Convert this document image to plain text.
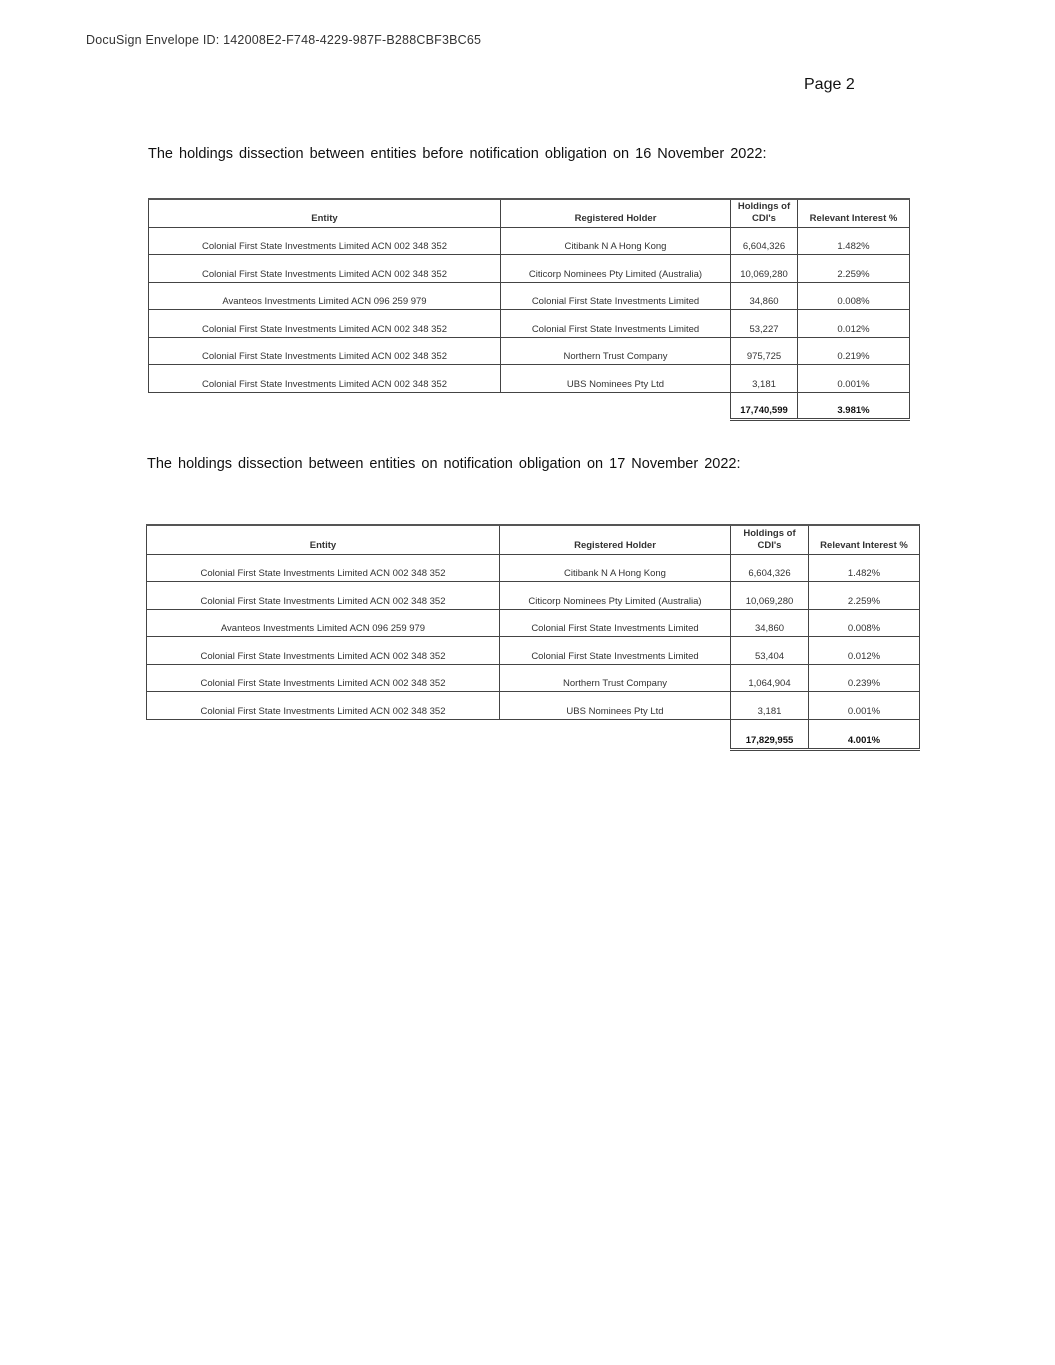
DocuSign Envelope ID: 142008E2-F748-4229-987F-B288CBF3BC65
Page 2
The holdings dissection between entities before notification obligation on 16 November 2022:
Entity	Registered Holder	Holdings of CDI's	Relevant Interest %
Colonial First State Investments Limited ACN 002 348 352	Citibank N A Hong Kong	6,604,326	1.482%
Colonial First State Investments Limited ACN 002 348 352	Citicorp Nominees Pty Limited (Australia)	10,069,280	2.259%
Avanteos Investments Limited ACN 096 259 979	Colonial First State Investments Limited	34,860	0.008%
Colonial First State Investments Limited ACN 002 348 352	Colonial First State Investments Limited	53,227	0.012%
Colonial First State Investments Limited ACN 002 348 352	Northern Trust Company	975,725	0.219%
Colonial First State Investments Limited ACN 002 348 352	UBS Nominees Pty Ltd	3,181	0.001%
		17,740,599	3.981%
The holdings dissection between entities on notification obligation on 17 November 2022:
Entity	Registered Holder	Holdings of CDI's	Relevant Interest %
Colonial First State Investments Limited ACN 002 348 352	Citibank N A Hong Kong	6,604,326	1.482%
Colonial First State Investments Limited ACN 002 348 352	Citicorp Nominees Pty Limited (Australia)	10,069,280	2.259%
Avanteos Investments Limited ACN 096 259 979	Colonial First State Investments Limited	34,860	0.008%
Colonial First State Investments Limited ACN 002 348 352	Colonial First State Investments Limited	53,404	0.012%
Colonial First State Investments Limited ACN 002 348 352	Northern Trust Company	1,064,904	0.239%
Colonial First State Investments Limited ACN 002 348 352	UBS Nominees Pty Ltd	3,181	0.001%
		17,829,955	4.001%
